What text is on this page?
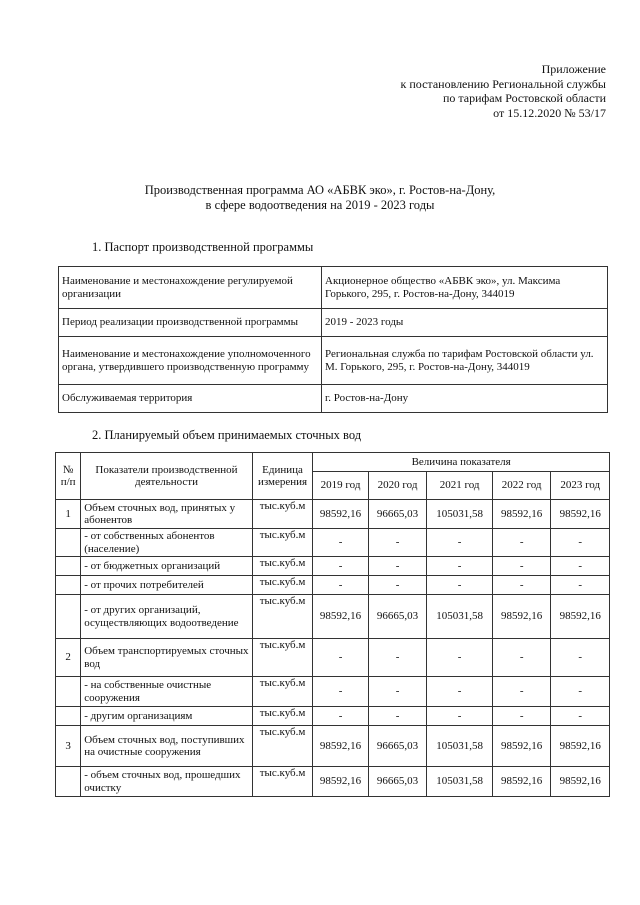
Приложение
к постановлению Региональной службы
по тарифам Ростовской области
от 15.12.2020 № 53/17
Производственная программа АО «АБВК эко», г. Ростов-на-Дону,
в сфере водоотведения на 2019 - 2023 годы
1. Паспорт производственной программы
Наименование и местонахождение регулируемой организации	Акционерное общество «АБВК эко», ул. Максима Горького, 295, г. Ростов-на-Дону, 344019
Период реализации производственной программы	2019 - 2023 годы
Наименование и местонахождение уполномоченного органа, утвердившего производственную программу	Региональная служба по тарифам Ростовской области ул. М. Горького, 295, г. Ростов-на-Дону, 344019
Обслуживаемая территория	г. Ростов-на-Дону
2. Планируемый объем принимаемых сточных вод
№ п/п	Показатели производственной деятельности	Единица измерения	Величина показателя				
			2019 год	2020 год	2021 год	2022 год	2023 год
1	Объем сточных вод, принятых у абонентов	тыс.куб.м	98592,16	96665,03	105031,58	98592,16	98592,16
	- от собственных абонентов (население)	тыс.куб.м	-	-	-	-	-
	- от бюджетных организаций	тыс.куб.м	-	-	-	-	-
	- от прочих потребителей	тыс.куб.м	-	-	-	-	-
	- от других организаций, осуществляющих водоотведение	тыс.куб.м	98592,16	96665,03	105031,58	98592,16	98592,16
2	Объем транспортируемых сточных вод	тыс.куб.м	-	-	-	-	-
	- на собственные очистные сооружения	тыс.куб.м	-	-	-	-	-
	- другим организациям	тыс.куб.м	-	-	-	-	-
3	Объем сточных вод, поступивших на очистные сооружения	тыс.куб.м	98592,16	96665,03	105031,58	98592,16	98592,16
	- объем сточных вод, прошедших очистку	тыс.куб.м	98592,16	96665,03	105031,58	98592,16	98592,16
